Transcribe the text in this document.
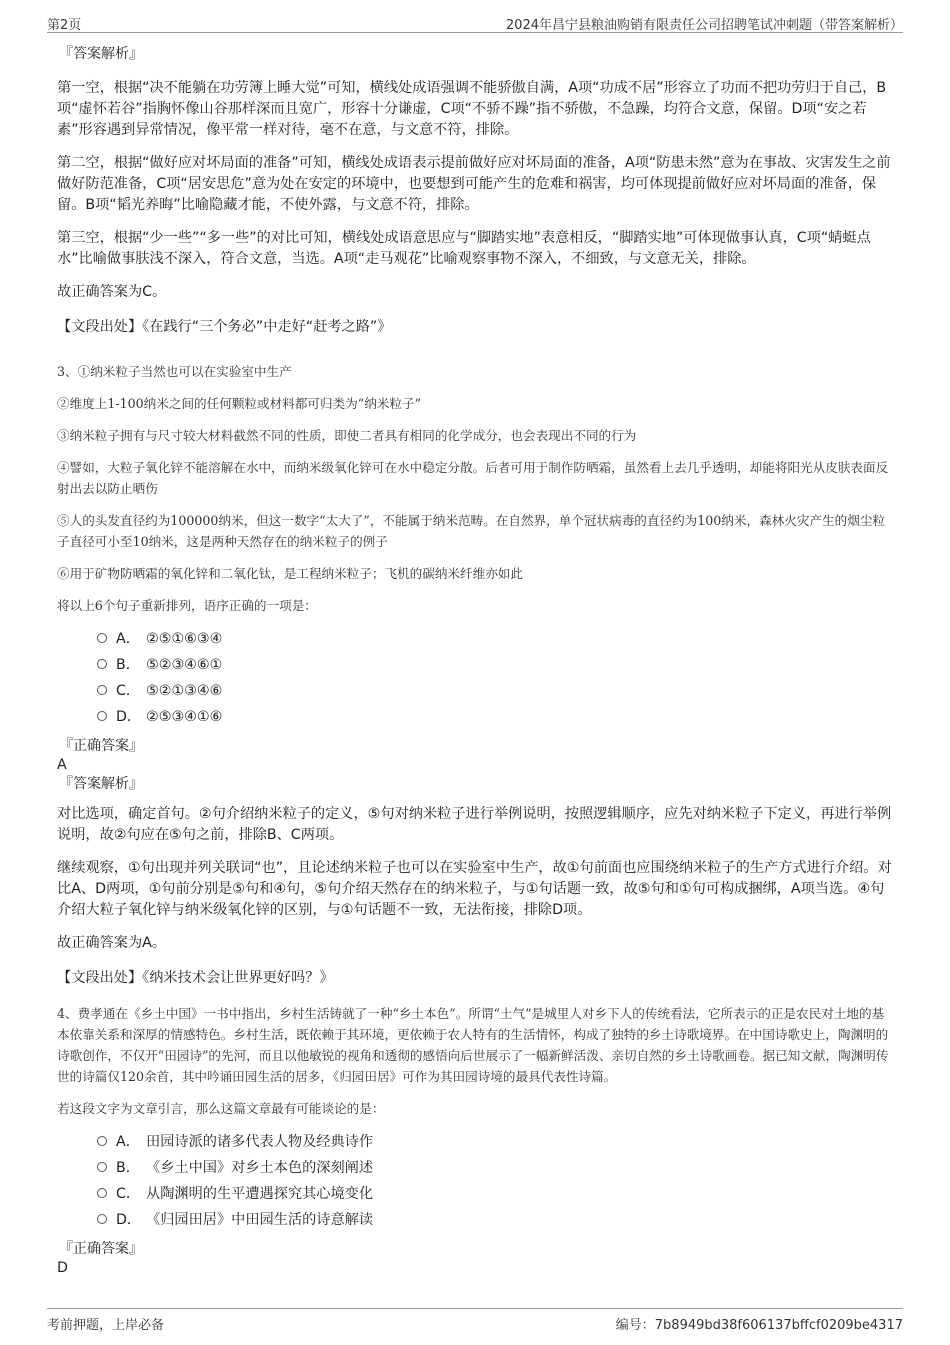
第2页	2024年昌宁县粮油购销有限责任公司招聘笔试冲刺题（带答案解析）
『答案解析』

第一空，根据“决不能躺在功劳簿上睡大觉”可知，横线处成语强调不能骄傲自满，A项“功成不居”形容立了功而不把功劳归于自己，B项“虚怀若谷”指胸怀像山谷那样深而且宽广，形容十分谦虚，C项“不骄不躁”指不骄傲，不急躁，均符合文意，保留。D项“安之若素”形容遇到异常情况，像平常一样对待，毫不在意，与文意不符，排除。

第二空，根据“做好应对坏局面的准备”可知，横线处成语表示提前做好应对坏局面的准备，A项“防患未然”意为在事故、灾害发生之前做好防范准备，C项“居安思危”意为处在安定的环境中，也要想到可能产生的危难和祸害，均可体现提前做好应对坏局面的准备，保留。B项“韬光养晦”比喻隐藏才能，不使外露，与文意不符，排除。

第三空，根据“少一些”“多一些”的对比可知，横线处成语意思应与“脚踏实地”表意相反，“脚踏实地”可体现做事认真，C项“蜻蜓点水”比喻做事肤浅不深入，符合文意，当选。A项“走马观花”比喻观察事物不深入，不细致，与文意无关，排除。

故正确答案为C。

【文段出处】《在践行“三个务必”中走好“赶考之路”》

3、①纳米粒子当然也可以在实验室中生产

②维度上1-100纳米之间的任何颗粒或材料都可归类为“纳米粒子”

③纳米粒子拥有与尺寸较大材料截然不同的性质，即使二者具有相同的化学成分，也会表现出不同的行为

④譬如，大粒子氧化锌不能溶解在水中，而纳米级氧化锌可在水中稳定分散。后者可用于制作防晒霜，虽然看上去几乎透明，却能将阳光从皮肤表面反射出去以防止晒伤

⑤人的头发直径约为100000纳米，但这一数字“太大了”，不能属于纳米范畴。在自然界，单个冠状病毒的直径约为100纳米，森林火灾产生的烟尘粒子直径可小至10纳米，这是两种天然存在的纳米粒子的例子

⑥用于矿物防晒霜的氧化锌和二氧化钛，是工程纳米粒子；飞机的碳纳米纤维亦如此

将以上6个句子重新排列，语序正确的一项是：

A． ②⑤①⑥③④
B． ⑤②③④⑥①
C． ⑤②①③④⑥
D． ②⑤③④①⑥
『正确答案』
A
『答案解析』

对比选项，确定首句。②句介绍纳米粒子的定义，⑤句对纳米粒子进行举例说明，按照逻辑顺序，应先对纳米粒子下定义，再进行举例说明，故②句应在⑤句之前，排除B、C两项。

继续观察，①句出现并列关联词“也”，且论述纳米粒子也可以在实验室中生产，故①句前面也应围绕纳米粒子的生产方式进行介绍。对比A、D两项，①句前分别是⑤句和④句，⑤句介绍天然存在的纳米粒子，与①句话题一致，故⑤句和①句可构成捆绑，A项当选。④句介绍大粒子氧化锌与纳米级氧化锌的区别，与①句话题不一致，无法衔接，排除D项。

故正确答案为A。

【文段出处】《纳米技术会让世界更好吗？》

4、费孝通在《乡土中国》一书中指出，乡村生活铸就了一种“乡土本色”。所谓“土气”是城里人对乡下人的传统看法，它所表示的正是农民对土地的基本依靠关系和深厚的情感特色。乡村生活，既依赖于其环境，更依赖于农人特有的生活情怀，构成了独特的乡土诗歌境界。在中国诗歌史上，陶渊明的诗歌创作，不仅开“田园诗”的先河，而且以他敏锐的视角和透彻的感悟向后世展示了一幅新鲜活泼、亲切自然的乡土诗歌画卷。据已知文献，陶渊明传世的诗篇仅120余首，其中吟诵田园生活的居多，《归园田居》可作为其田园诗境的最具代表性诗篇。

若这段文字为文章引言，那么这篇文章最有可能谈论的是：

A． 田园诗派的诸多代表人物及经典诗作
B． 《乡土中国》对乡土本色的深刻阐述
C． 从陶渊明的生平遭遇探究其心境变化
D． 《归园田居》中田园生活的诗意解读
『正确答案』
D
考前押题，上岸必备	编号：7b8949bd38f606137bffcf0209be4317
